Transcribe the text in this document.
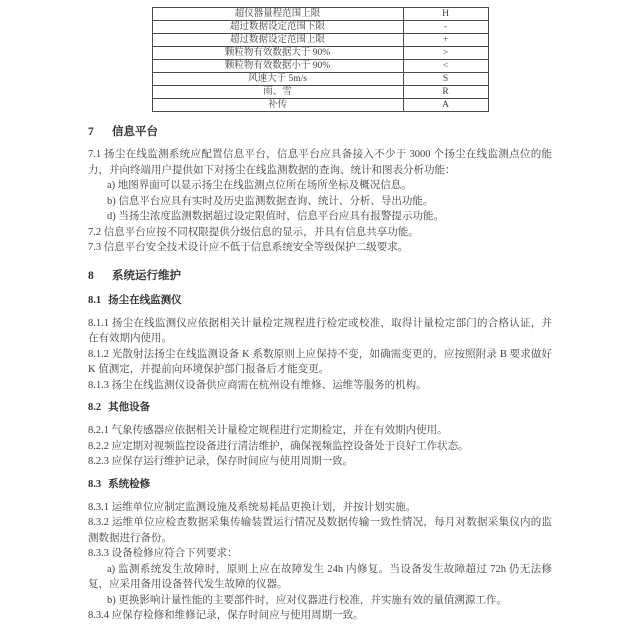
超仪器量程范围上限	H
超过数据设定范围下限	-
超过数据设定范围上限	+
颗粒物有效数据大于 90%	>
颗粒物有效数据小于 90%	<
风速大于 5m/s	S
雨、雪	R
补传	A
7 信息平台
7.1 扬尘在线监测系统应配置信息平台，信息平台应具备接入不少于 3000 个扬尘在线监测点位的能力，并向终端用户提供如下对扬尘在线监测数据的查询、统计和图表分析功能：
a) 地图界面可以显示扬尘在线监测点位所在场所坐标及概况信息。
b) 信息平台应具有实时及历史监测数据查询、统计、分析、导出功能。
d) 当扬尘浓度监测数据超过设定限值时，信息平台应具有报警提示功能。
7.2 信息平台应按不同权限提供分级信息的显示，并具有信息共享功能。
7.3 信息平台安全技术设计应不低于信息系统安全等级保护二级要求。
8 系统运行维护
8.1 扬尘在线监测仪
8.1.1 扬尘在线监测仪应依据相关计量检定规程进行检定或校准，取得计量检定部门的合格认证，并在有效期内使用。
8.1.2 光散射法扬尘在线监测设备 K 系数原则上应保持不变，如确需变更的，应按照附录 B 要求做好 K 值测定，并提前向环境保护部门报备后才能变更。
8.1.3 扬尘在线监测仪设备供应商需在杭州设有维修、运维等服务的机构。
8.2 其他设备
8.2.1 气象传感器应依据相关计量检定规程进行定期检定，并在有效期内使用。
8.2.2 应定期对视频监控设备进行清洁维护，确保视频监控设备处于良好工作状态。
8.2.3 应保存运行维护记录，保存时间应与使用周期一致。
8.3 系统检修
8.3.1 运维单位应制定监测设施及系统易耗品更换计划，并按计划实施。
8.3.2 运维单位应检查数据采集传输装置运行情况及数据传输一致性情况，每月对数据采集仪内的监测数据进行备份。
8.3.3 设备检修应符合下列要求：
a) 监测系统发生故障时，原则上应在故障发生 24h 内修复。当设备发生故障超过 72h 仍无法修复，应采用备用设备替代发生故障的仪器。
b) 更换影响计量性能的主要部件时，应对仪器进行校准，并实施有效的量值溯源工作。
8.3.4 应保存检修和维修记录，保存时间应与使用周期一致。
